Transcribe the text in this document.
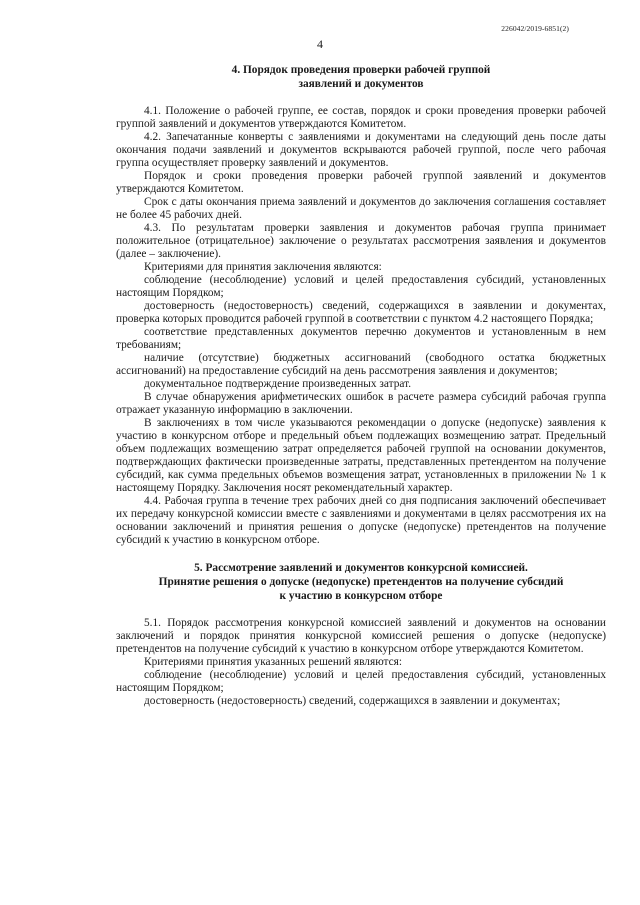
226042/2019-6851(2)
4
4. Порядок проведения проверки рабочей группой
заявлений и документов

4.1. Положение о рабочей группе, ее состав, порядок и сроки проведения проверки рабочей группой заявлений и документов утверждаются Комитетом.

4.2. Запечатанные конверты с заявлениями и документами на следующий день после даты окончания подачи заявлений и документов вскрываются рабочей группой, после чего рабочая группа осуществляет проверку заявлений и документов.

Порядок и сроки проведения проверки рабочей группой заявлений и документов утверждаются Комитетом.

Срок с даты окончания приема заявлений и документов до заключения соглашения составляет не более 45 рабочих дней.

4.3. По результатам проверки заявления и документов рабочая группа принимает положительное (отрицательное) заключение о результатах рассмотрения заявления и документов (далее – заключение).

Критериями для принятия заключения являются:

соблюдение (несоблюдение) условий и целей предоставления субсидий, установленных настоящим Порядком;

достоверность (недостоверность) сведений, содержащихся в заявлении и документах, проверка которых проводится рабочей группой в соответствии с пунктом 4.2 настоящего Порядка;

соответствие представленных документов перечню документов и установленным в нем требованиям;

наличие (отсутствие) бюджетных ассигнований (свободного остатка бюджетных ассигнований) на предоставление субсидий на день рассмотрения заявления и документов;

документальное подтверждение произведенных затрат.

В случае обнаружения арифметических ошибок в расчете размера субсидий рабочая группа отражает указанную информацию в заключении.

В заключениях в том числе указываются рекомендации о допуске (недопуске) заявления к участию в конкурсном отборе и предельный объем подлежащих возмещению затрат. Предельный объем подлежащих возмещению затрат определяется рабочей группой на основании документов, подтверждающих фактически произведенные затраты, представленных претендентом на получение субсидий, как сумма предельных объемов возмещения затрат, установленных в приложении № 1 к настоящему Порядку. Заключения носят рекомендательный характер.

4.4. Рабочая группа в течение трех рабочих дней со дня подписания заключений обеспечивает их передачу конкурсной комиссии вместе с заявлениями и документами в целях рассмотрения их на основании заключений и принятия решения о допуске (недопуске) претендентов на получение субсидий к участию в конкурсном отборе.

5. Рассмотрение заявлений и документов конкурсной комиссией.
Принятие решения о допуске (недопуске) претендентов на получение субсидий
к участию в конкурсном отборе

5.1. Порядок рассмотрения конкурсной комиссией заявлений и документов на основании заключений и порядок принятия конкурсной комиссией решения о допуске (недопуске) претендентов на получение субсидий к участию в конкурсном отборе утверждаются Комитетом.

Критериями принятия указанных решений являются:

соблюдение (несоблюдение) условий и целей предоставления субсидий, установленных настоящим Порядком;

достоверность (недостоверность) сведений, содержащихся в заявлении и документах;
